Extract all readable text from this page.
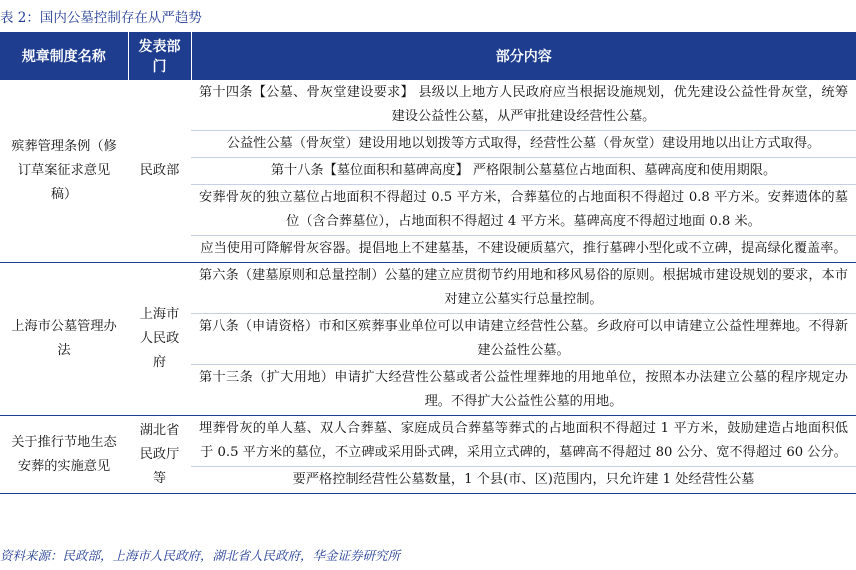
表 2：国内公墓控制存在从严趋势
规章制度名称	发表部门	部分内容
殡葬管理条例（修订草案征求意见稿）	民政部	第十四条【公墓、骨灰堂建设要求】 县级以上地方人民政府应当根据设施规划，优先建设公益性骨灰堂，统筹建设公益性公墓，从严审批建设经营性公墓。
		公益性公墓（骨灰堂）建设用地以划拨等方式取得，经营性公墓（骨灰堂）建设用地以出让方式取得。
		第十八条【墓位面积和墓碑高度】 严格限制公墓墓位占地面积、墓碑高度和使用期限。
		安葬骨灰的独立墓位占地面积不得超过 0.5 平方米，合葬墓位的占地面积不得超过 0.8 平方米。安葬遗体的墓位（含合葬墓位），占地面积不得超过 4 平方米。墓碑高度不得超过地面 0.8 米。
		应当使用可降解骨灰容器。提倡地上不建墓基，不建设硬质墓穴，推行墓碑小型化或不立碑，提高绿化覆盖率。
上海市公墓管理办法	上海市人民政府	第六条（建墓原则和总量控制）公墓的建立应贯彻节约用地和移风易俗的原则。根据城市建设规划的要求，本市对建立公墓实行总量控制。
		第八条（申请资格）市和区殡葬事业单位可以申请建立经营性公墓。乡政府可以申请建立公益性埋葬地。不得新建公益性公墓。
		第十三条（扩大用地）申请扩大经营性公墓或者公益性埋葬地的用地单位，按照本办法建立公墓的程序规定办理。不得扩大公益性公墓的用地。
关于推行节地生态安葬的实施意见	湖北省民政厅等	埋葬骨灰的单人墓、双人合葬墓、家庭成员合葬墓等葬式的占地面积不得超过 1 平方米，鼓励建造占地面积低于 0.5 平方米的墓位，不立碑或采用卧式碑，采用立式碑的，墓碑高不得超过 80 公分、宽不得超过 60 公分。
		要严格控制经营性公墓数量，1 个县(市、区)范围内，只允许建 1 处经营性公墓
资料来源：民政部，上海市人民政府，湖北省人民政府，华金证券研究所
